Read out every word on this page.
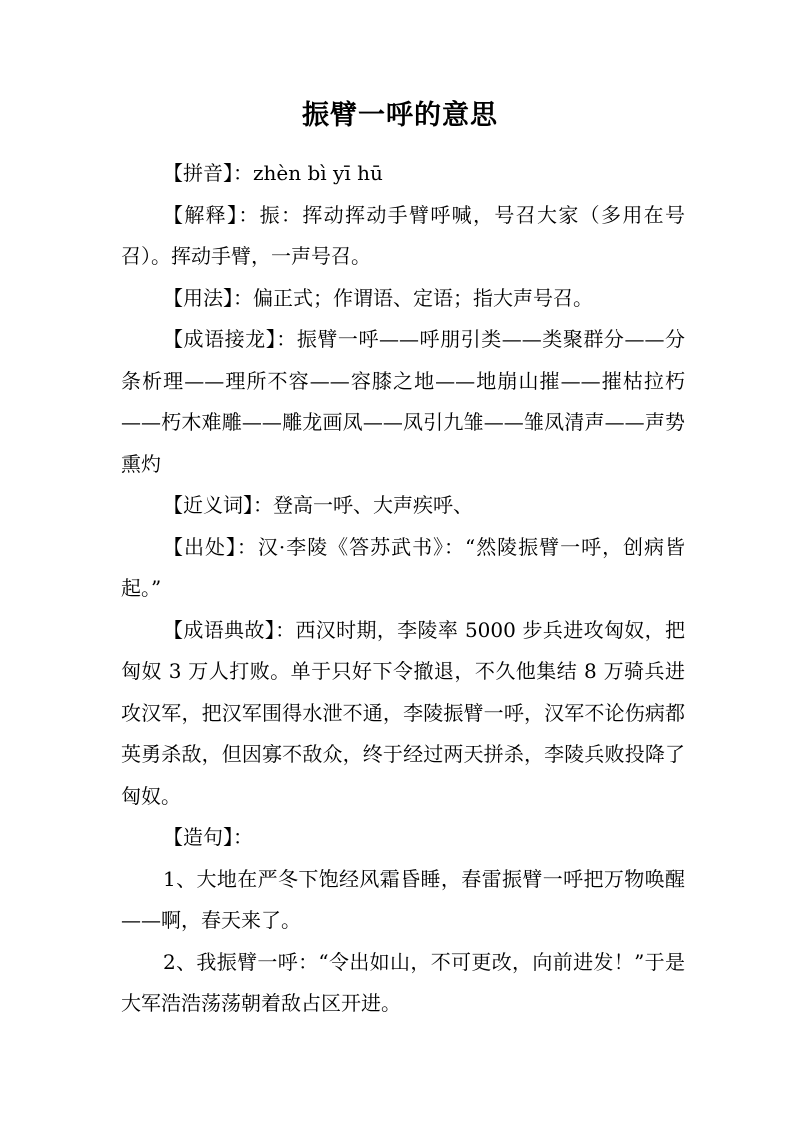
振臂一呼的意思

【拼音】：zhèn bì yī hū

【解释】：振：挥动挥动手臂呼喊，号召大家（多用在号召）。挥动手臂，一声号召。

【用法】：偏正式；作谓语、定语；指大声号召。

【成语接龙】：振臂一呼——呼朋引类——类聚群分——分条析理——理所不容——容膝之地——地崩山摧——摧枯拉朽——朽木难雕——雕龙画凤——凤引九雏——雏凤清声——声势熏灼

【近义词】：登高一呼、大声疾呼、

【出处】：汉·李陵《答苏武书》：“然陵振臂一呼，创病皆起。”

【成语典故】：西汉时期，李陵率 5000 步兵进攻匈奴，把匈奴 3 万人打败。单于只好下令撤退，不久他集结 8 万骑兵进攻汉军，把汉军围得水泄不通，李陵振臂一呼，汉军不论伤病都英勇杀敌，但因寡不敌众，终于经过两天拼杀，李陵兵败投降了匈奴。

【造句】：

1、大地在严冬下饱经风霜昏睡，春雷振臂一呼把万物唤醒——啊，春天来了。

2、我振臂一呼：“令出如山，不可更改，向前进发！”于是大军浩浩荡荡朝着敌占区开进。
